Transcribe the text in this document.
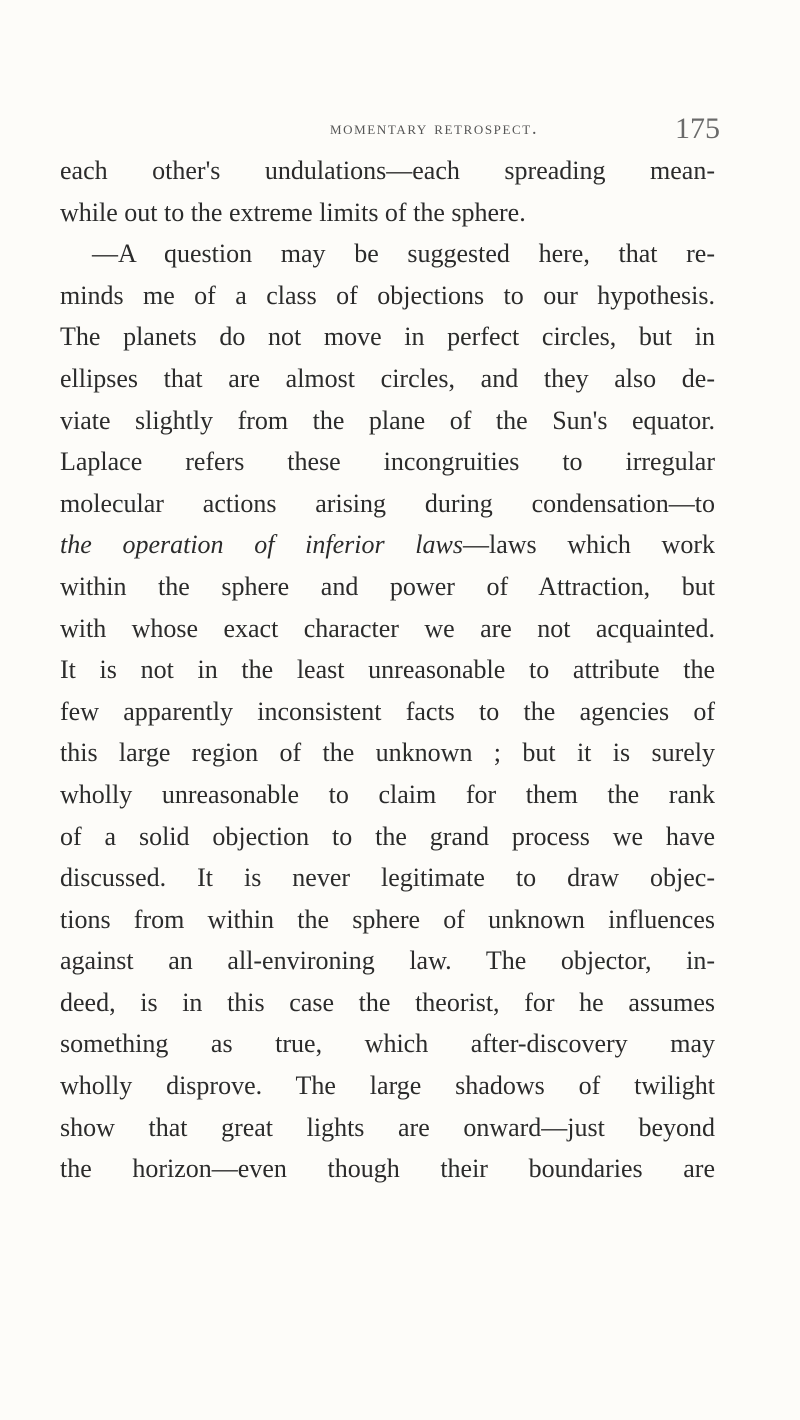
momentary retrospect.	175
each other's undulations—each spreading mean-
while out to the extreme limits of the sphere.
—A question may be suggested here, that re-
minds me of a class of objections to our hypothesis.
The planets do not move in perfect circles, but in
ellipses that are almost circles, and they also de-
viate slightly from the plane of the Sun's equator.
Laplace refers these incongruities to irregular
molecular actions arising during condensation—to
the operation of inferior laws—laws which work
within the sphere and power of Attraction, but
with whose exact character we are not acquainted.
It is not in the least unreasonable to attribute the
few apparently inconsistent facts to the agencies of
this large region of the unknown ; but it is surely
wholly unreasonable to claim for them the rank
of a solid objection to the grand process we have
discussed. It is never legitimate to draw objec-
tions from within the sphere of unknown influences
against an all-environing law. The objector, in-
deed, is in this case the theorist, for he assumes
something as true, which after-discovery may
wholly disprove. The large shadows of twilight
show that great lights are onward—just beyond
the horizon—even though their boundaries are
